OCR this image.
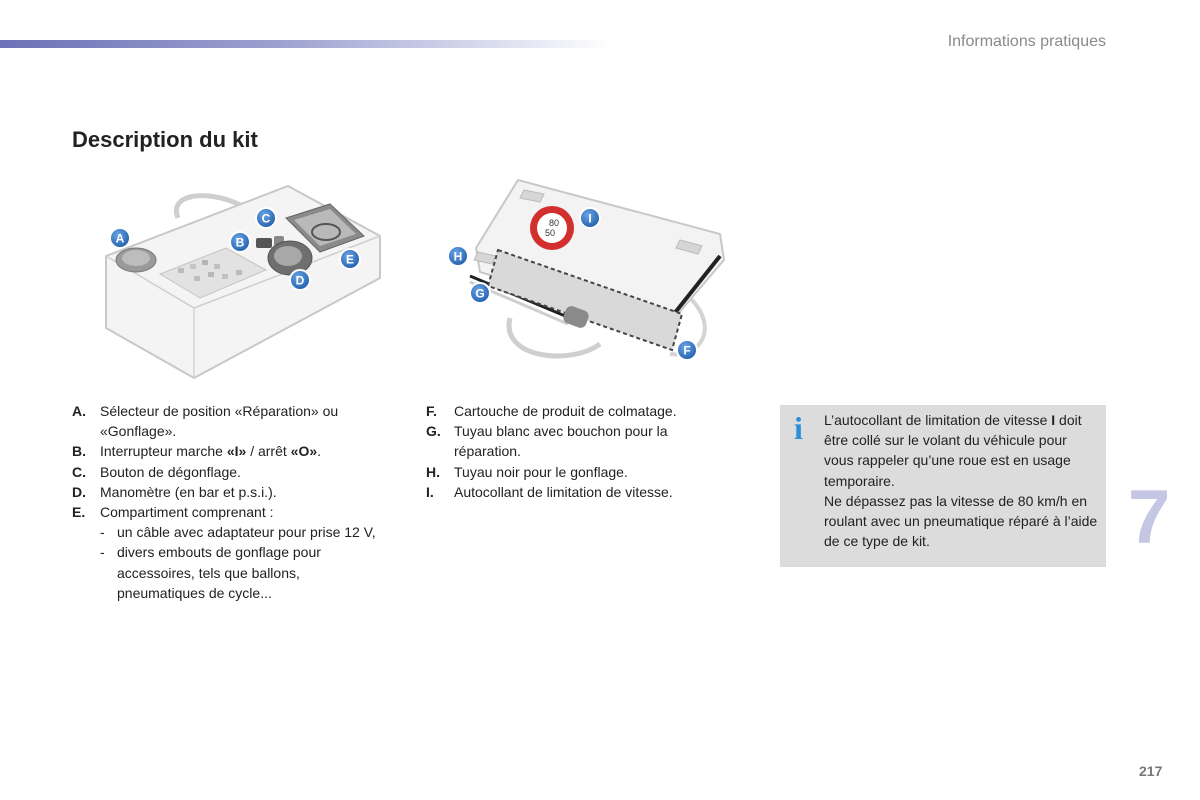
Informations pratiques
Description du kit
A	B
C
D
E
80
50
I
H
G
F
A.	Sélecteur de position «Réparation» ou «Gonflage».
B.	Interrupteur marche «I» / arrêt «O».
C.	Bouton de dégonflage.
D.	Manomètre (en bar et p.s.i.).
E.	Compartiment comprenant :
- un câble avec adaptateur pour prise 12 V,
- divers embouts de gonflage pour accessoires, tels que ballons, pneumatiques de cycle...
F.	Cartouche de produit de colmatage.
G. Tuyau blanc avec bouchon pour la réparation.
H.	Tuyau noir pour le gonflage.
I.	Autocollant de limitation de vitesse.
i L’autocollant de limitation de vitesse I doit être collé sur le volant du véhicule pour vous rappeler qu’une roue est en usage temporaire.
Ne dépassez pas la vitesse de 80 km/h en roulant avec un pneumatique réparé à l’aide de ce type de kit.	7
217
